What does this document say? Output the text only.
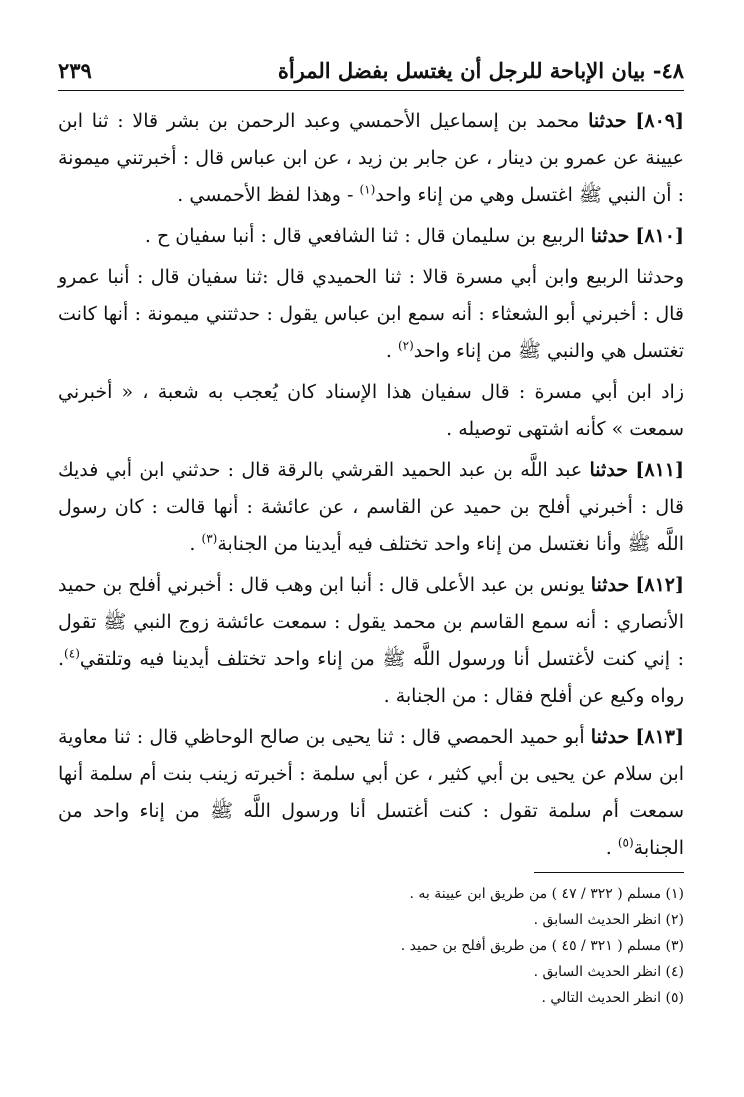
٤٨- بيان الإباحة للرجل أن يغتسل بفضل المرأة
٢٣٩

[٨٠٩] حدثنا محمد بن إسماعيل الأحمسي وعبد الرحمن بن بشر قالا : ثنا ابن عيينة عن عمرو بن دينار ، عن جابر بن زيد ، عن ابن عباس قال : أخبرتني ميمونة : أن النبي ﷺ اغتسل وهي من إناء واحد$^{(١)}$ - وهذا لفظ الأحمسي .

[٨١٠] حدثنا الربيع بن سليمان قال : ثنا الشافعي قال : أنبا سفيان ح .

وحدثنا الربيع وابن أبي مسرة قالا : ثنا الحميدي قال :ثنا سفيان قال : أنبا عمرو قال : أخبرني أبو الشعثاء : أنه سمع ابن عباس يقول : حدثتني ميمونة : أنها كانت تغتسل هي والنبي ﷺ من إناء واحد$^{(٢)}$ .

زاد ابن أبي مسرة : قال سفيان هذا الإسناد كان يُعجب به شعبة ، « أخبرني سمعت » كأنه اشتهى توصيله .

[٨١١] حدثنا عبد اللَّه بن عبد الحميد القرشي بالرقة قال : حدثني ابن أبي فديك قال : أخبرني أفلح بن حميد عن القاسم ، عن عائشة : أنها قالت : كان رسول اللَّه ﷺ وأنا نغتسل من إناء واحد تختلف فيه أيدينا من الجنابة$^{(٣)}$ .

[٨١٢] حدثنا يونس بن عبد الأعلى قال : أنبا ابن وهب قال : أخبرني أفلح بن حميد الأنصاري : أنه سمع القاسم بن محمد يقول : سمعت عائشة زوج النبي ﷺ تقول : إني كنت لأغتسل أنا ورسول اللَّه ﷺ من إناء واحد تختلف أيدينا فيه وتلتقي$^{(٤)}$. رواه وكيع عن أفلح فقال : من الجنابة .

[٨١٣] حدثنا أبو حميد الحمصي قال : ثنا يحيى بن صالح الوحاظي قال : ثنا معاوية ابن سلام عن يحيى بن أبي كثير ، عن أبي سلمة : أخبرته زينب بنت أم سلمة أنها سمعت أم سلمة تقول : كنت أغتسل أنا ورسول اللَّه ﷺ من إناء واحد من الجنابة$^{(٥)}$ .

(١) مسلم ( ٣٢٢ / ٤٧ ) من طريق ابن عيينة به .

(٢) انظر الحديث السابق .

(٣) مسلم ( ٣٢١ / ٤٥ ) من طريق أفلح بن حميد .

(٤) انظر الحديث السابق .

(٥) انظر الحديث التالي .
